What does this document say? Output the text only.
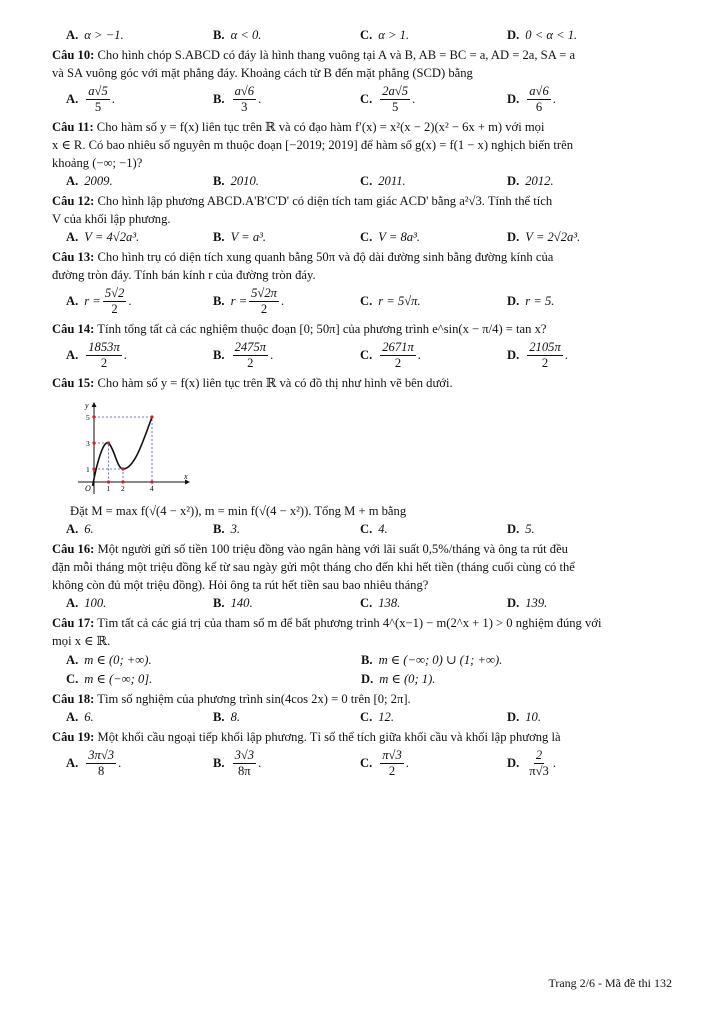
A. α > −1.	B. α < 0.	C. α > 1.	D. 0 < α < 1.

Câu 10: Cho hình chóp S.ABCD có đáy là hình thang vuông tại A và B, AB = BC = a, AD = 2a, SA = a

và SA vuông góc với mặt phẳng đáy. Khoảng cách từ B đến mặt phẳng (SCD) bằng

A. $\frac{a√5}{5}$ .	B. $\frac{a√6}{3}$ .	C. $\frac{2a√5}{5}$ .	D. $\frac{a√6}{6}$ .

Câu 11: Cho hàm số y = f(x) liên tục trên ℝ và có đạo hàm f′(x) = x²(x − 2)(x² − 6x + m) với mọi

x ∈ R. Có bao nhiêu số nguyên m thuộc đoạn [−2019; 2019] để hàm số g(x) = f(1 − x) nghịch biến trên

khoảng (−∞; −1)?

A. 2009.	B. 2010.	C. 2011.	D. 2012.

Câu 12: Cho hình lập phương ABCD.A'B'C'D' có diện tích tam giác ACD' bằng a²√3. Tính thể tích

V của khối lập phương.

A. V = 4√2a³.	B. V = a³.	C. V = 8a³.	D. V = 2√2a³.

Câu 13: Cho hình trụ có diện tích xung quanh bằng 50π và độ dài đường sinh bằng đường kính của

đường tròn đáy. Tính bán kính r của đường tròn đáy.

A. $r = \frac{5√2}{2}$ .	B. $r = \frac{5√2\pi}{2}$ .	C. r = 5√π.	D. r = 5.

Câu 14: Tính tổng tất cả các nghiệm thuộc đoạn [0; 50π] của phương trình e^sin(x − π/4) = tan x?

A. $\frac{1853\pi}{2}$ .	B. $\frac{2475\pi}{2}$ .	C. $\frac{2671\pi}{2}$ .	D. $\frac{2105\pi}{2}$ .

Câu 15: Cho hàm số y = f(x) liên tục trên ℝ và có đồ thị như hình vẽ bên dưới.

y
x
O 1 2	4
1
3
5

Đặt M = max f(√(4 − x²)), m = min f(√(4 − x²)). Tổng M + m bằng

A. 6.	B. 3.	C. 4.	D. 5.

Câu 16: Một người gửi số tiền 100 triệu đồng vào ngân hàng với lãi suất 0,5%/tháng và ông ta rút đều

đặn mỗi tháng một triệu đồng kể từ sau ngày gửi một tháng cho đến khi hết tiền (tháng cuối cùng có thể

không còn đủ một triệu đồng). Hỏi ông ta rút hết tiền sau bao nhiêu tháng?

A. 100.	B. 140.	C. 138.	D. 139.

Câu 17: Tìm tất cả các giá trị của tham số m để bất phương trình 4^(x−1) − m(2^x + 1) > 0 nghiệm đúng với

mọi x ∈ ℝ.

A. m ∈ (0; +∞).	B. m ∈ (−∞; 0) ∪ (1; +∞).
C. m ∈ (−∞; 0].	D. m ∈ (0; 1).

Câu 18: Tìm số nghiệm của phương trình sin(4cos 2x) = 0 trên [0; 2π].

A. 6.	B. 8.	C. 12.	D. 10.

Câu 19: Một khối cầu ngoại tiếp khối lập phương. Tỉ số thể tích giữa khối cầu và khối lập phương là

A. $\frac{3\pi√3}{8}$ .	B. $\frac{3√3}{8\pi}$ .	C. $\frac{\pi√3}{2}$ .	D. $\frac{2}{\pi√3}$ .
Trang 2/6 - Mã đề thi 132
